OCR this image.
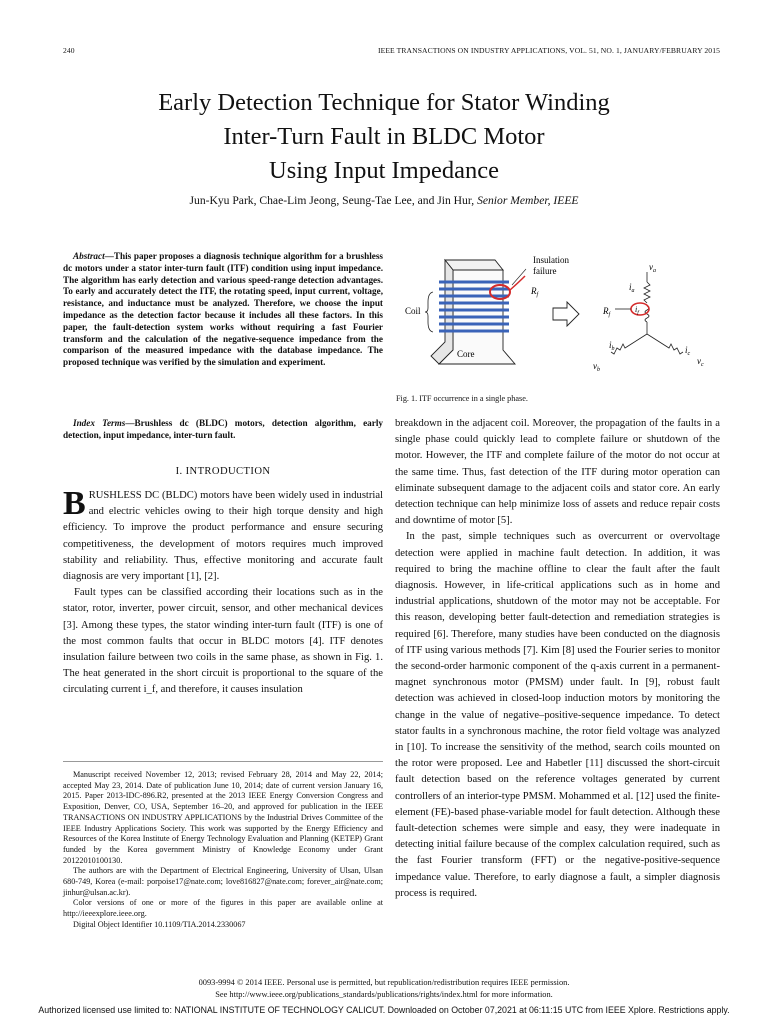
240	IEEE TRANSACTIONS ON INDUSTRY APPLICATIONS, VOL. 51, NO. 1, JANUARY/FEBRUARY 2015
Early Detection Technique for Stator Winding
Inter-Turn Fault in BLDC Motor
Using Input Impedance
Jun-Kyu Park, Chae-Lim Jeong, Seung-Tae Lee, and Jin Hur, Senior Member, IEEE

Abstract—This paper proposes a diagnosis technique algorithm for a brushless dc motors under a stator inter-turn fault (ITF) condition using input impedance. The algorithm has early detection and various speed-range detection advantages. To early and accurately detect the ITF, the rotating speed, input current, voltage, resistance, and inductance must be analyzed. Therefore, we choose the input impedance as the detection factor because it includes all these factors. In this paper, the fault-detection system works without requiring a fast Fourier transform and the calculation of the negative-sequence impedance from the comparison of the measured impedance with the database impedance. The proposed technique was verified by the simulation and experiment.

Index Terms—Brushless dc (BLDC) motors, detection algorithm, early detection, input impedance, inter-turn fault.
I. INTRODUCTION

BRUSHLESS DC (BLDC) motors have been widely used in industrial and electric vehicles owing to their high torque density and high efficiency. To improve the product performance and ensure securing competitiveness, the development of motors requires much improved stability and reliability. Thus, effective monitoring and accurate fault diagnosis are very important [1], [2].

Fault types can be classified according their locations such as in the stator, rotor, inverter, power circuit, sensor, and other mechanical devices [3]. Among these types, the stator winding inter-turn fault (ITF) is one of the most common faults that occur in BLDC motors [4]. ITF denotes insulation failure between two coils in the same phase, as shown in Fig. 1. The heat generated in the short circuit is proportional to the square of the circulating current i_f, and therefore, it causes insulation

Manuscript received November 12, 2013; revised February 28, 2014 and May 22, 2014; accepted May 23, 2014. Date of publication June 10, 2014; date of current version January 16, 2015. Paper 2013-IDC-896.R2, presented at the 2013 IEEE Energy Conversion Congress and Exposition, Denver, CO, USA, September 16–20, and approved for publication in the IEEE TRANSACTIONS ON INDUSTRY APPLICATIONS by the Industrial Drives Committee of the IEEE Industry Applications Society. This work was supported by the Energy Efficiency and Resources of the Korea Institute of Energy Technology Evaluation and Planning (KETEP) Grant funded by the Korea government Ministry of Knowledge Economy under Grant 20122010100130.

The authors are with the Department of Electrical Engineering, University of Ulsan, Ulsan 680-749, Korea (e-mail: porpoise17@nate.com; love816827@nate.com; forever_air@nate.com; jinhur@ulsan.ac.kr).

Color versions of one or more of the figures in this paper are available online at http://ieeexplore.ieee.org.

Digital Object Identifier 10.1109/TIA.2014.2330067

Insulation
failure
$R_f$
Coil
Core
$v_a$
$i_a$
$R_f$
$i_f$
$i_b$	$i_c$
$v_b$
$v_c$
Fig. 1. ITF occurrence in a single phase.

breakdown in the adjacent coil. Moreover, the propagation of the faults in a single phase could quickly lead to complete failure or shutdown of the motor. However, the ITF and complete failure of the motor do not occur at the same time. Thus, fast detection of the ITF during motor operation can eliminate subsequent damage to the adjacent coils and stator core. An early detection technique can help minimize loss of assets and reduce repair costs and downtime of motor [5].

In the past, simple techniques such as overcurrent or overvoltage detection were applied in machine fault detection. In addition, it was required to bring the machine offline to clear the fault after the fault diagnosis. However, in life-critical applications such as in home and industrial applications, shutdown of the motor may not be acceptable. For this reason, developing better fault-detection and remediation strategies is required [6]. Therefore, many studies have been conducted on the diagnosis of ITF using various methods [7]. Kim [8] used the Fourier series to monitor the second-order harmonic component of the q-axis current in a permanent-magnet synchronous motor (PMSM) under fault. In [9], robust fault detection was achieved in closed-loop induction motors by monitoring the change in the value of negative–positive-sequence impedance. To detect stator faults in a synchronous machine, the rotor field voltage was analyzed in [10]. To increase the sensitivity of the method, search coils mounted on the rotor were proposed. Lee and Habetler [11] discussed the short-circuit fault detection based on the reference voltages generated by current controllers of an interior-type PMSM. Mohammed et al. [12] used the finite-element (FE)-based phase-variable model for fault detection. Although these fault-detection schemes were simple and easy, they were inadequate in detecting initial failure because of the complex calculation required, such as the fast Fourier transform (FFT) or the negative-positive-sequence impedance value. Therefore, to early diagnose a fault, a simpler diagnosis process is required.

0093-9994 © 2014 IEEE. Personal use is permitted, but republication/redistribution requires IEEE permission.
See http://www.ieee.org/publications_standards/publications/rights/index.html for more information.
Authorized licensed use limited to: NATIONAL INSTITUTE OF TECHNOLOGY CALICUT. Downloaded on October 07,2021 at 06:11:15 UTC from IEEE Xplore. Restrictions apply.
